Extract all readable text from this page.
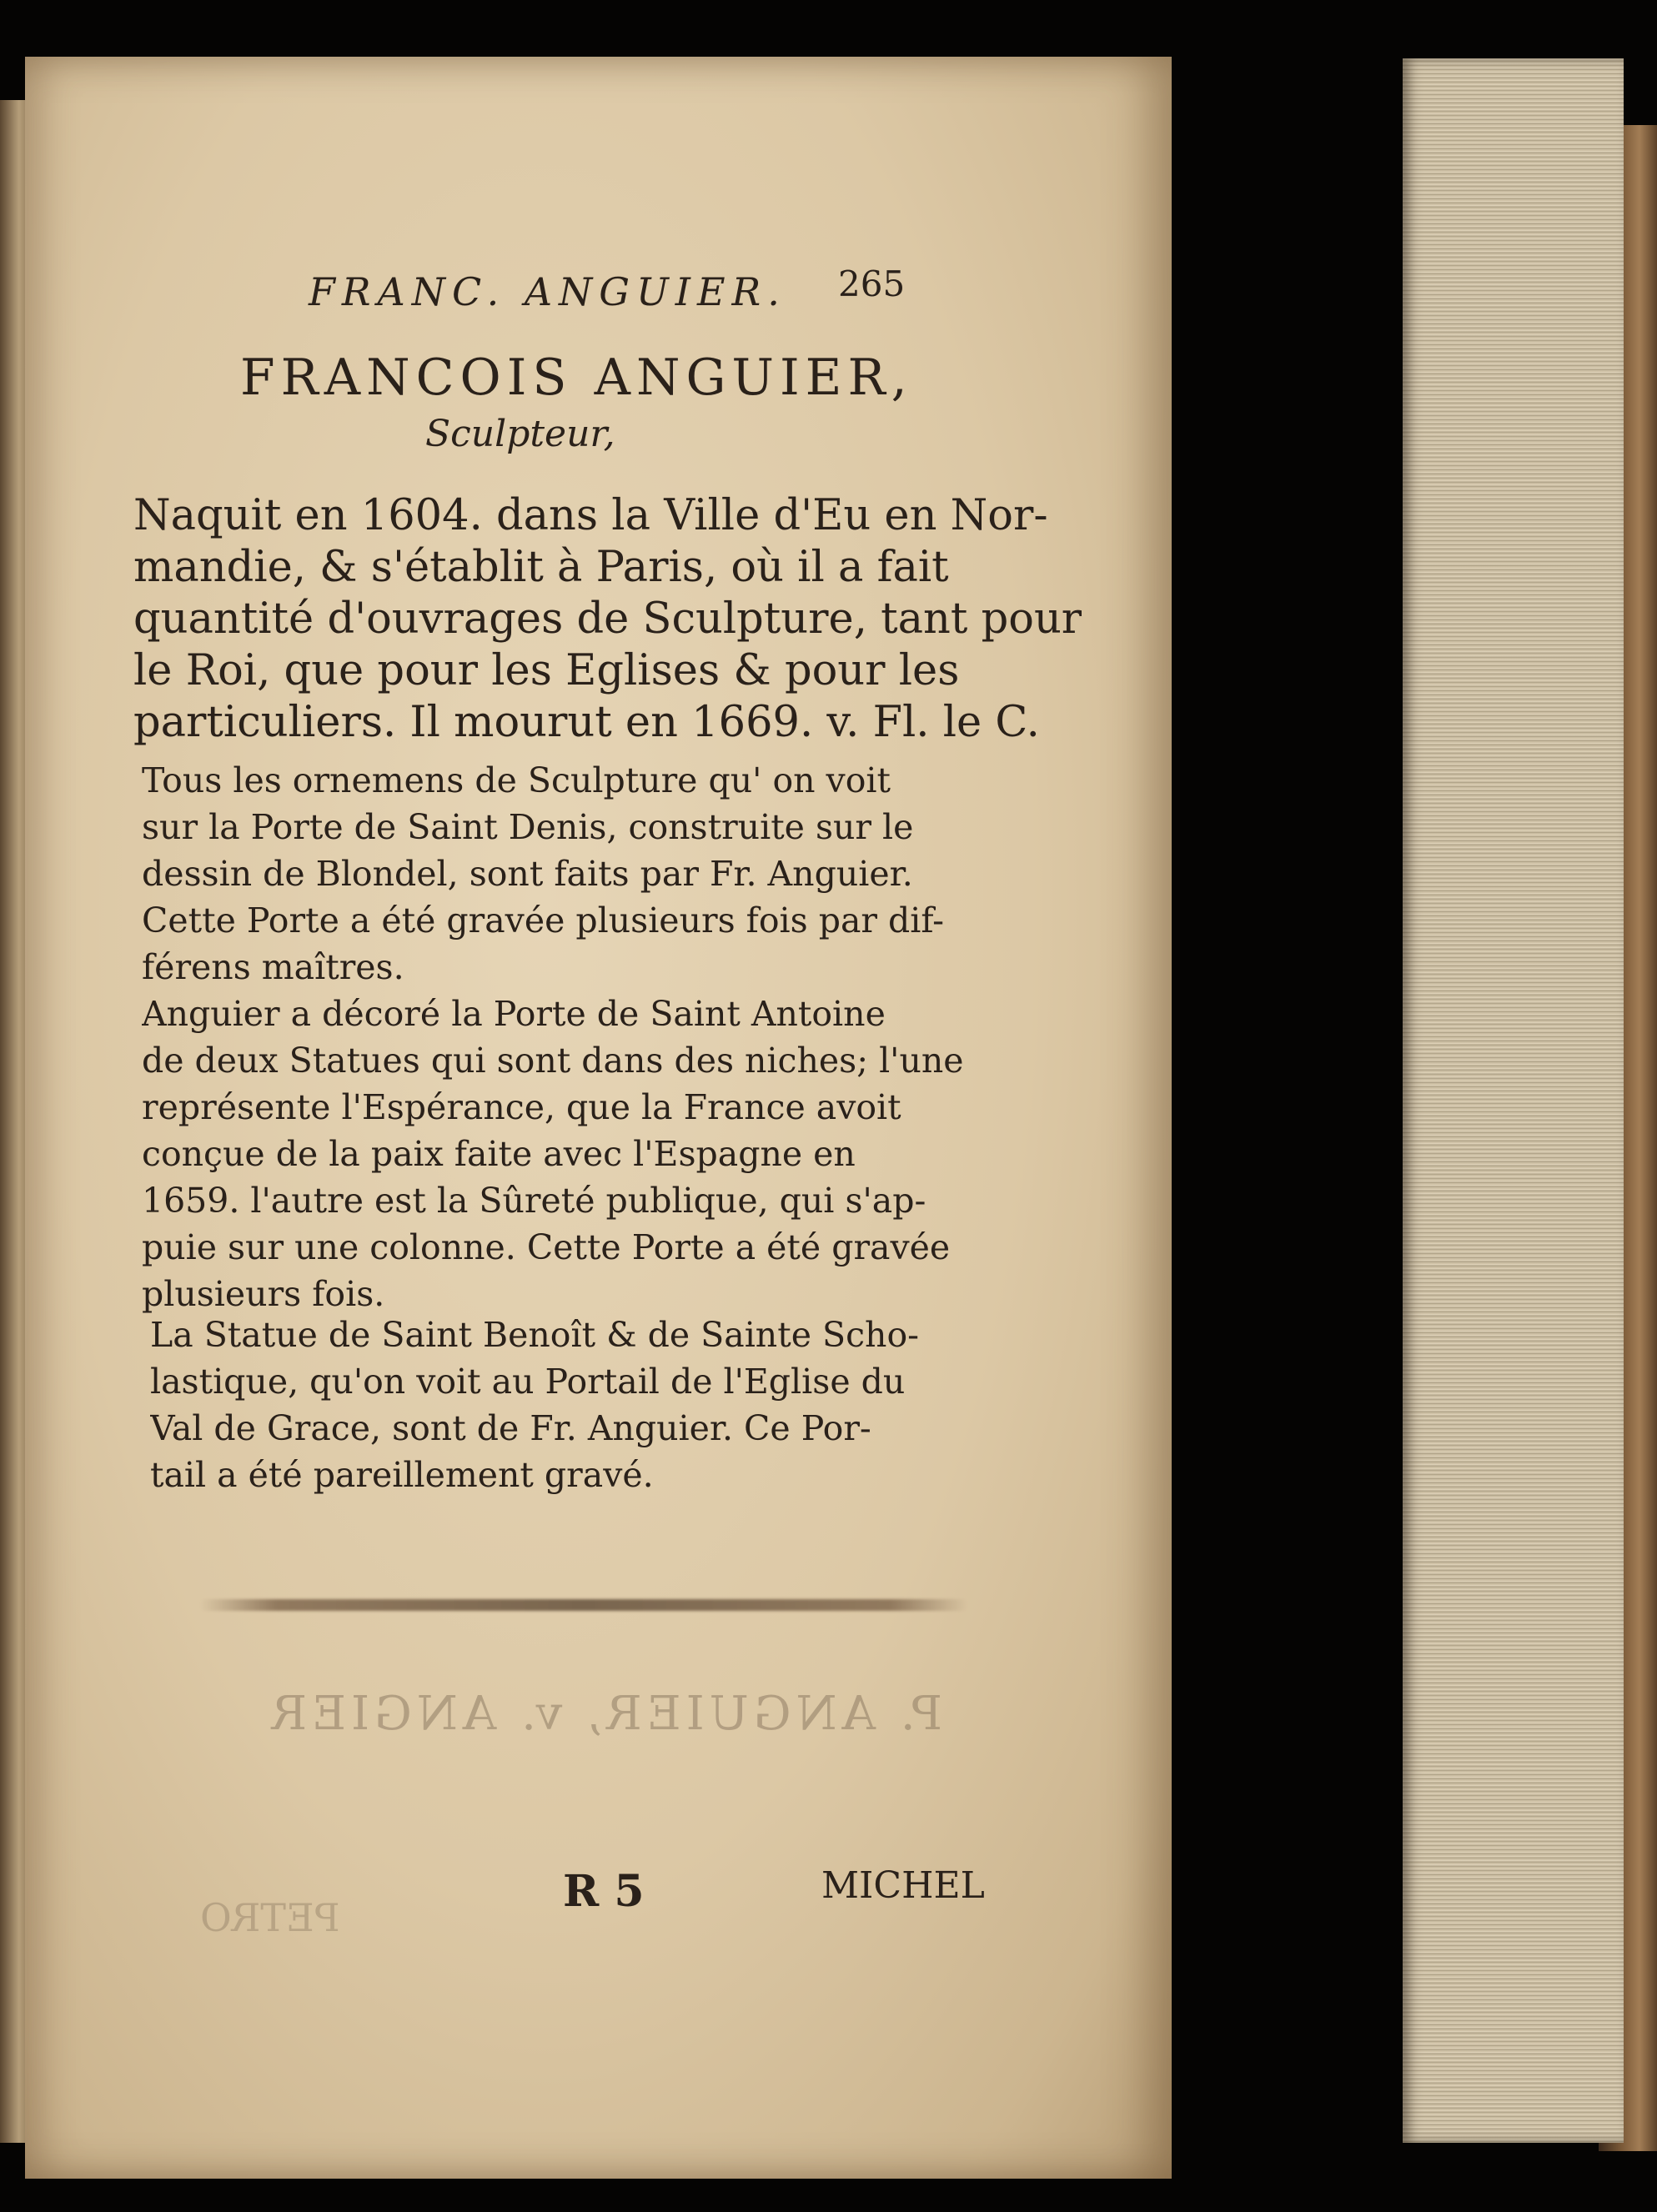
FRANC. ANGUIER. 265
FRANCOIS ANGUIER,
Sculpteur,

Naquit en 1604. dans la Ville d'Eu en Nor-
mandie, & s'établit à Paris, où il a fait
quantité d'ouvrages de Sculpture, tant pour
le Roi, que pour les Eglises & pour les
particuliers. Il mourut en 1669. v. Fl. le C.

Tous les ornemens de Sculpture qu' on voit
sur la Porte de Saint Denis, construite sur le
dessin de Blondel, sont faits par Fr. Anguier.
Cette Porte a été gravée plusieurs fois par dif-
férens maîtres.

Anguier a décoré la Porte de Saint Antoine
de deux Statues qui sont dans des niches; l'une
représente l'Espérance, que la France avoit
conçue de la paix faite avec l'Espagne en
1659. l'autre est la Sûreté publique, qui s'ap-
puie sur une colonne. Cette Porte a été gravée
plusieurs fois.

La Statue de Saint Benoît & de Sainte Scho-
lastique, qu'on voit au Portail de l'Eglise du
Val de Grace, sont de Fr. Anguier. Ce Por-
tail a été pareillement gravé.

P. ANGUIER, v. ANGIER
PETRO
R 5	MICHEL
